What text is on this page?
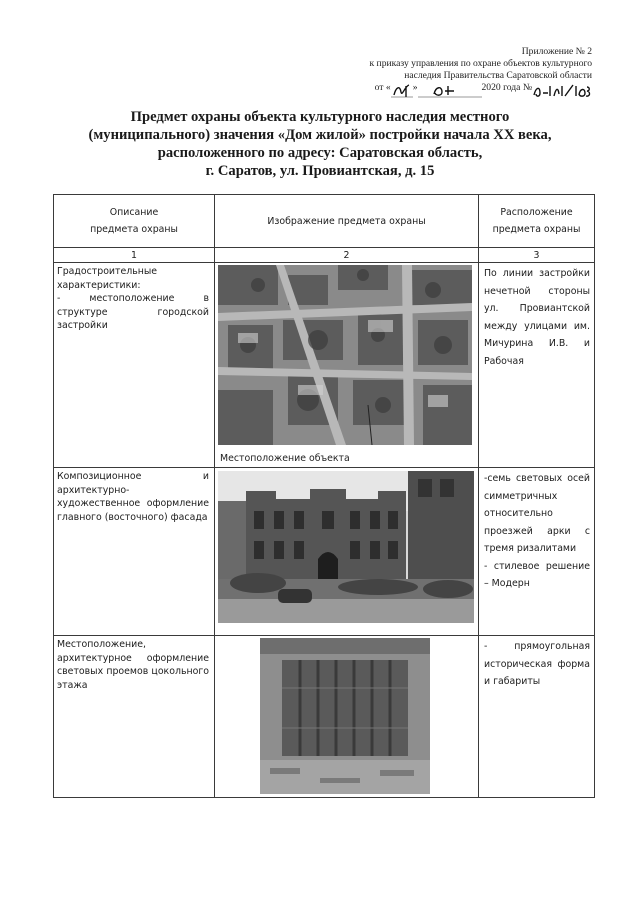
Приложение № 2
к приказу управления по охране объектов культурного
наследия Правительства Саратовской области
от « »	2020 года №
Предмет охраны объекта культурного наследия местного
(муниципального) значения «Дом жилой» постройки начала XX века,
расположенного по адресу: Саратовская область,
г. Саратов, ул. Провиантская, д. 15
Описание
предмета охраны	Изображение предмета охраны	Расположение
предмета охраны

1	2	3

Градостроительные характеристики:
- местоположение в структуре городской застройки	Местоположение объекта	По линии застройки нечетной стороны ул. Провиантской между улицами им. Мичурина И.В. и Рабочая
Композиционное и архитектурно-художественное оформление главного (восточного) фасада		-семь световых осей симметричных относительно проезжей арки с тремя ризалитами
- стилевое решение – Модерн

Местоположение, архитектурное оформление световых проемов цокольного этажа		- прямоугольная историческая форма и габариты
